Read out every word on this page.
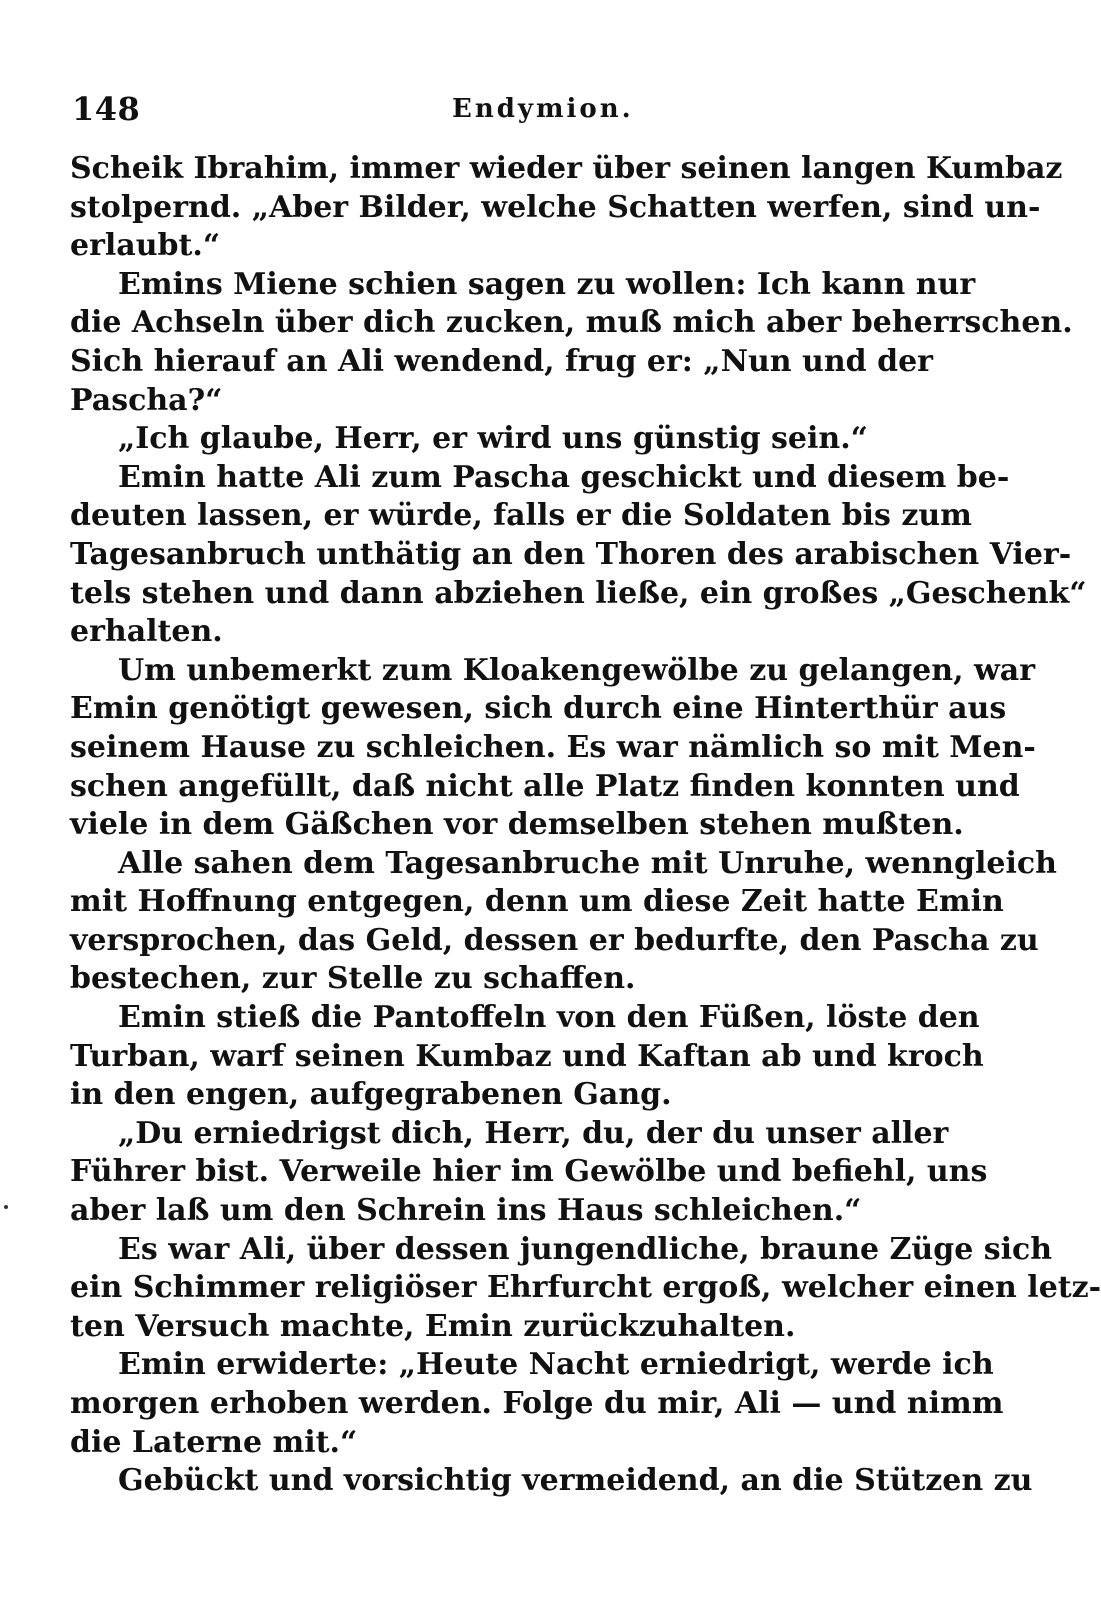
148	Endymion.
Scheik Ibrahim, immer wieder über seinen langen Kumbaz
stolpernd. „Aber Bilder, welche Schatten werfen, sind un-
erlaubt.“
Emins Miene schien sagen zu wollen: Ich kann nur
die Achseln über dich zucken, muß mich aber beherrschen.
Sich hierauf an Ali wendend, frug er: „Nun und der
Pascha?“
„Ich glaube, Herr, er wird uns günstig sein.“
Emin hatte Ali zum Pascha geschickt und diesem be-
deuten lassen, er würde, falls er die Soldaten bis zum
Tagesanbruch unthätig an den Thoren des arabischen Vier-
tels stehen und dann abziehen ließe, ein großes „Geschenk“
erhalten.
Um unbemerkt zum Kloakengewölbe zu gelangen, war
Emin genötigt gewesen, sich durch eine Hinterthür aus
seinem Hause zu schleichen. Es war nämlich so mit Men-
schen angefüllt, daß nicht alle Platz finden konnten und
viele in dem Gäßchen vor demselben stehen mußten.
Alle sahen dem Tagesanbruche mit Unruhe, wenngleich
mit Hoffnung entgegen, denn um diese Zeit hatte Emin
versprochen, das Geld, dessen er bedurfte, den Pascha zu
bestechen, zur Stelle zu schaffen.
Emin stieß die Pantoffeln von den Füßen, löste den
Turban, warf seinen Kumbaz und Kaftan ab und kroch
in den engen, aufgegrabenen Gang.
„Du erniedrigst dich, Herr, du, der du unser aller
Führer bist. Verweile hier im Gewölbe und befiehl, uns
aber laß um den Schrein ins Haus schleichen.“
Es war Ali, über dessen jungendliche, braune Züge sich
ein Schimmer religiöser Ehrfurcht ergoß, welcher einen letz-
ten Versuch machte, Emin zurückzuhalten.
Emin erwiderte: „Heute Nacht erniedrigt, werde ich
morgen erhoben werden. Folge du mir, Ali — und nimm
die Laterne mit.“
Gebückt und vorsichtig vermeidend, an die Stützen zu
